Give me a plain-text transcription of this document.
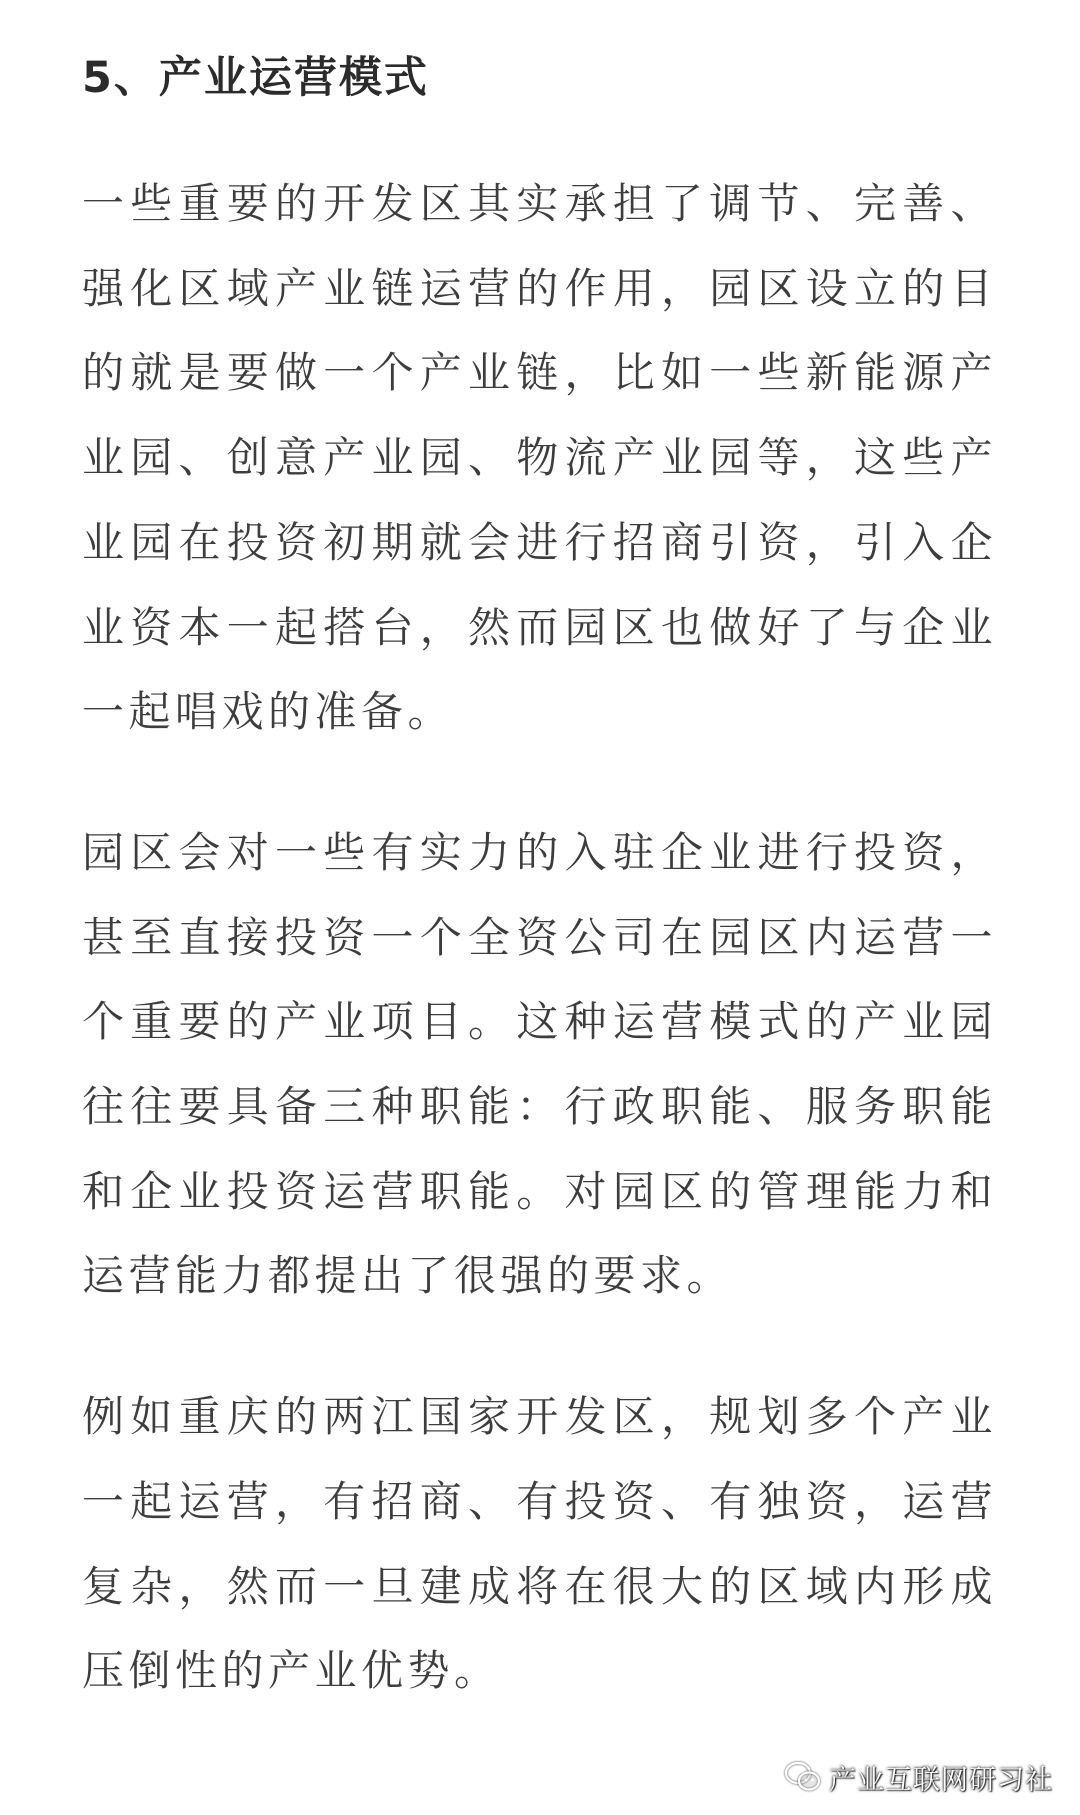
5、产业运营模式

一些重要的开发区其实承担了调节、完善、强化区域产业链运营的作用，园区设立的目的就是要做一个产业链，比如一些新能源产业园、创意产业园、物流产业园等，这些产业园在投资初期就会进行招商引资，引入企业资本一起搭台，然而园区也做好了与企业一起唱戏的准备。

园区会对一些有实力的入驻企业进行投资，甚至直接投资一个全资公司在园区内运营一个重要的产业项目。这种运营模式的产业园往往要具备三种职能：行政职能、服务职能和企业投资运营职能。对园区的管理能力和运营能力都提出了很强的要求。

例如重庆的两江国家开发区，规划多个产业一起运营，有招商、有投资、有独资，运营复杂，然而一旦建成将在很大的区域内形成压倒性的产业优势。

产业互联网研习社
